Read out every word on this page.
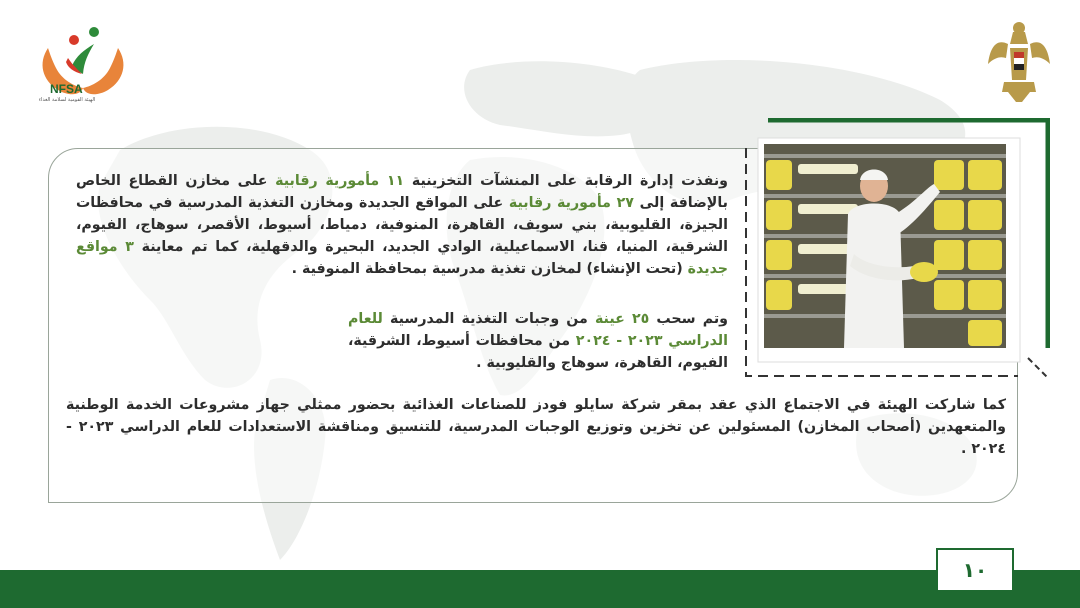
NFSA
الهيئة القومية لسلامة الغذاء
ونفذت إدارة الرقابة على المنشآت التخزينية ١١ مأمورية رقابية على مخازن القطاع الخاص بالإضافة إلى ٢٧ مأمورية رقابية على المواقع الجديدة ومخازن التغذية المدرسية في محافظات الجيزة، القليوبية، بني سويف، القاهرة، المنوفية، دمياط، أسيوط، الأقصر، سوهاج، الفيوم، الشرقية، المنيا، قنا، الاسماعيلية، الوادي الجديد، البحيرة والدقهلية، كما تم معاينة ٣ مواقع جديدة (تحت الإنشاء) لمخازن تغذية مدرسية بمحافظة المنوفية .
وتم سحب ٢٥ عينة من وجبات التغذية المدرسية للعام الدراسي ٢٠٢٣ - ٢٠٢٤ من محافظات أسيوط، الشرقية، الفيوم، القاهرة، سوهاج والقليوبية .
كما شاركت الهيئة في الاجتماع الذي عقد بمقر شركة سايلو فودز للصناعات الغذائية بحضور ممثلي جهاز مشروعات الخدمة الوطنية والمتعهدين (أصحاب المخازن) المسئولين عن تخزين وتوزيع الوجبات المدرسية، للتنسيق ومناقشة الاستعدادات للعام الدراسي ٢٠٢٣ - ٢٠٢٤ .
١٠
